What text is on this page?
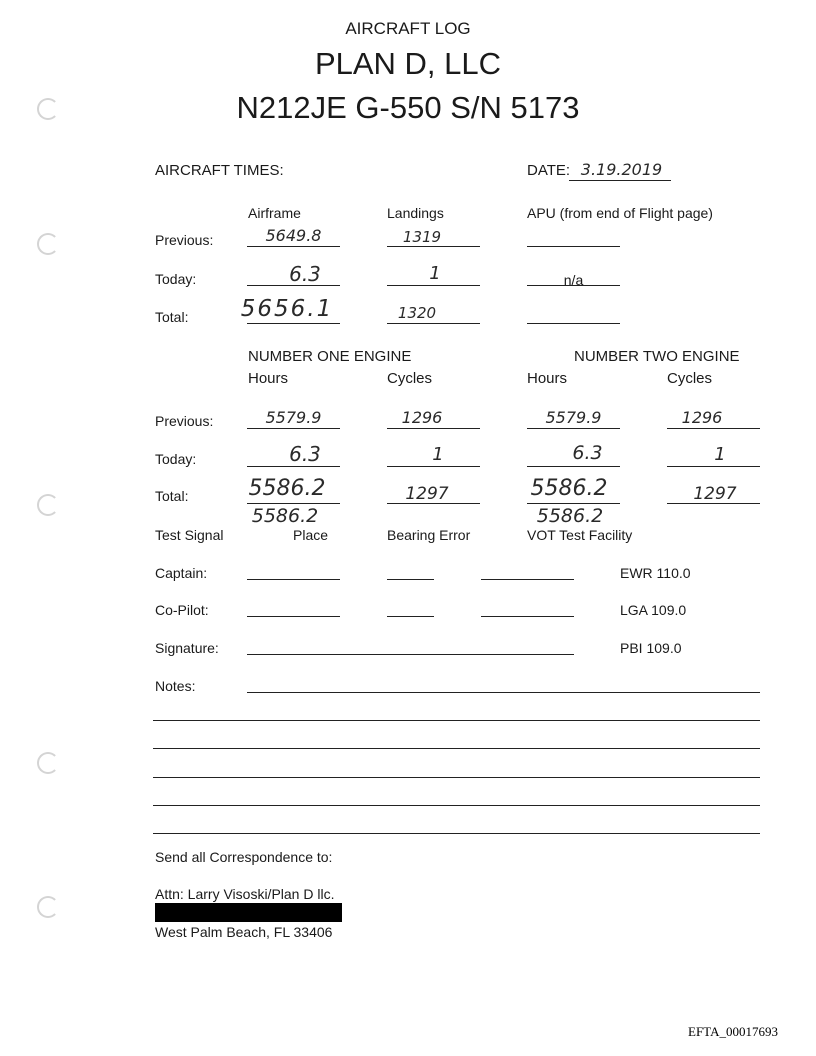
AIRCRAFT LOG
PLAN D, LLC
N212JE G-550 S/N 5173
AIRCRAFT TIMES:	DATE: 3.19.2019
Airframe	Landings	APU (from end of Flight page)
Previous:	5649.8	1319
Today:	6.3	1	n/a
Total:	5656.1	1320
NUMBER ONE ENGINE	NUMBER TWO ENGINE
Hours	Cycles	Hours	Cycles
Previous:	5579.9	1296	5579.9	1296
Today:	6.3	1	6.3	1
Total:	5586.2	1297	5586.2	1297
5586.2	5586.2
Test Signal	Place	Bearing Error	VOT Test Facility
Captain:	EWR 110.0
Co-Pilot:	LGA 109.0
Signature:	PBI 109.0
Notes:
Send all Correspondence to:
Attn: Larry Visoski/Plan D llc.
West Palm Beach, FL 33406
EFTA_00017693
